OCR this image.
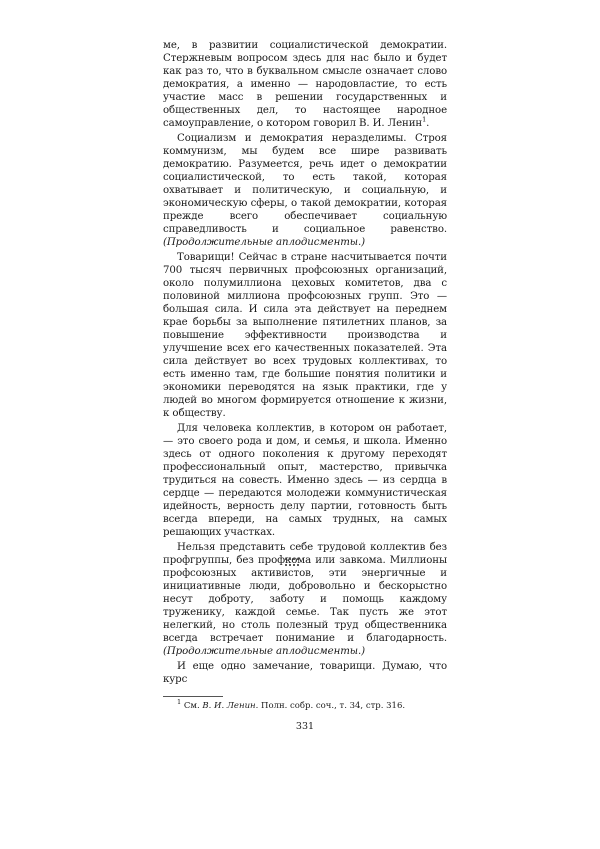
ме, в развитии социалистической демократии. Стержневым вопросом здесь для нас было и будет как раз то, что в буквальном смысле означает слово демократия, а именно — народовластие, то есть участие масс в решении государственных и общественных дел, то настоящее народное самоуправление, о котором говорил В. И. Ленин$^1$.

Социализм и демократия неразделимы. Строя коммунизм, мы будем все шире развивать демократию. Разумеется, речь идет о демократии социалистической, то есть такой, которая охватывает и политическую, и социальную, и экономическую сферы, о такой демократии, которая прежде всего обеспечивает социальную справедливость и социальное равенство. (Продолжительные аплодисменты.)

Товарищи! Сейчас в стране насчитывается почти 700 тысяч первичных профсоюзных организаций, около полумиллиона цеховых комитетов, два с половиной миллиона профсоюзных групп. Это — большая сила. И сила эта действует на переднем крае борьбы за выполнение пятилетних планов, за повышение эффективности производства и улучшение всех его качественных показателей. Эта сила действует во всех трудовых коллективах, то есть именно там, где большие понятия политики и экономики переводятся на язык практики, где у людей во многом формируется отношение к жизни, к обществу.

Для человека коллектив, в котором он работает, — это своего рода и дом, и семья, и школа. Именно здесь от одного поколения к другому переходят профессиональный опыт, мастерство, привычка трудиться на совесть. Именно здесь — из сердца в сердце — передаются молодежи коммунистическая идейность, верность делу партии, готовность быть всегда впереди, на самых трудных, на самых решающих участках.

Нельзя представить себе трудовой коллектив без профгруппы, без профкома или завкома. Миллионы профсоюзных активистов, эти энергичные и инициативные люди, добровольно и бескорыстно несут доброту, заботу и помощь каждому труженику, каждой семье. Так пусть же этот нелегкий, но столь полезный труд общественника всегда встречает понимание и благодарность. (Продолжительные аплодисменты.)

И еще одно замечание, товарищи. Думаю, что курс

$^1$ См. В. И. Ленин. Полн. собр. соч., т. 34, стр. 316.

331
